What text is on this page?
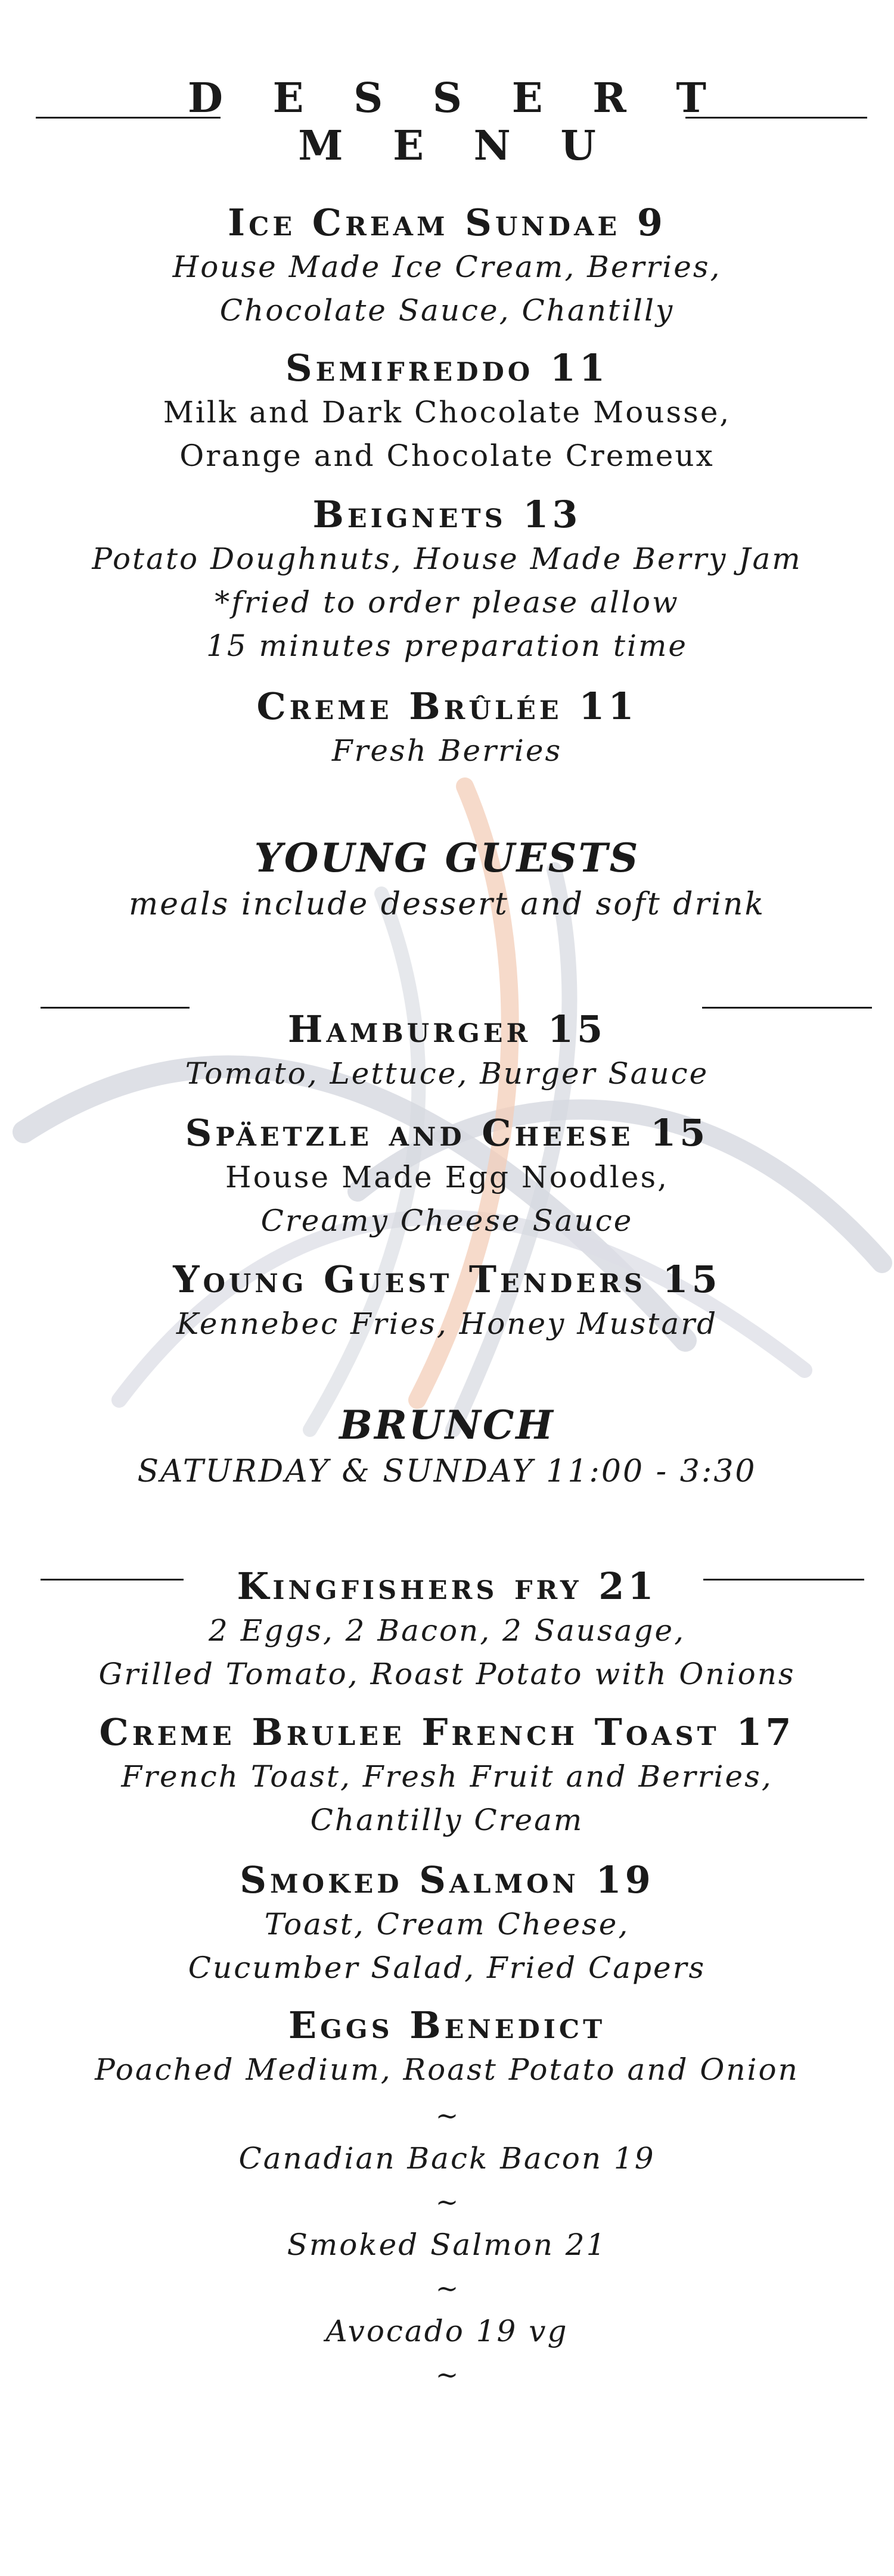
D E S S E R T

M E N U

Ice Cream Sundae 9

House Made Ice Cream, Berries,

Chocolate Sauce, Chantilly

Semifreddo 11

Milk and Dark Chocolate Mousse,

Orange and Chocolate Cremeux

Beignets 13

Potato Doughnuts, House Made Berry Jam

*fried to order please allow

15 minutes preparation time

Creme Brûlée 11

Fresh Berries

YOUNG GUESTS

meals include dessert and soft drink

Hamburger 15

Tomato, Lettuce, Burger Sauce

Späetzle and Cheese 15

House Made Egg Noodles,

Creamy Cheese Sauce

Young Guest Tenders 15

Kennebec Fries, Honey Mustard

BRUNCH

SATURDAY & SUNDAY 11:00 - 3:30

Kingfishers fry 21

2 Eggs, 2 Bacon, 2 Sausage,

Grilled Tomato, Roast Potato with Onions

Creme Brulee French Toast 17

French Toast, Fresh Fruit and Berries,

Chantilly Cream

Smoked Salmon 19

Toast, Cream Cheese,

Cucumber Salad, Fried Capers

Eggs Benedict

Poached Medium, Roast Potato and Onion

~

Canadian Back Bacon 19

~

Smoked Salmon 21

~

Avocado 19 vg

~
